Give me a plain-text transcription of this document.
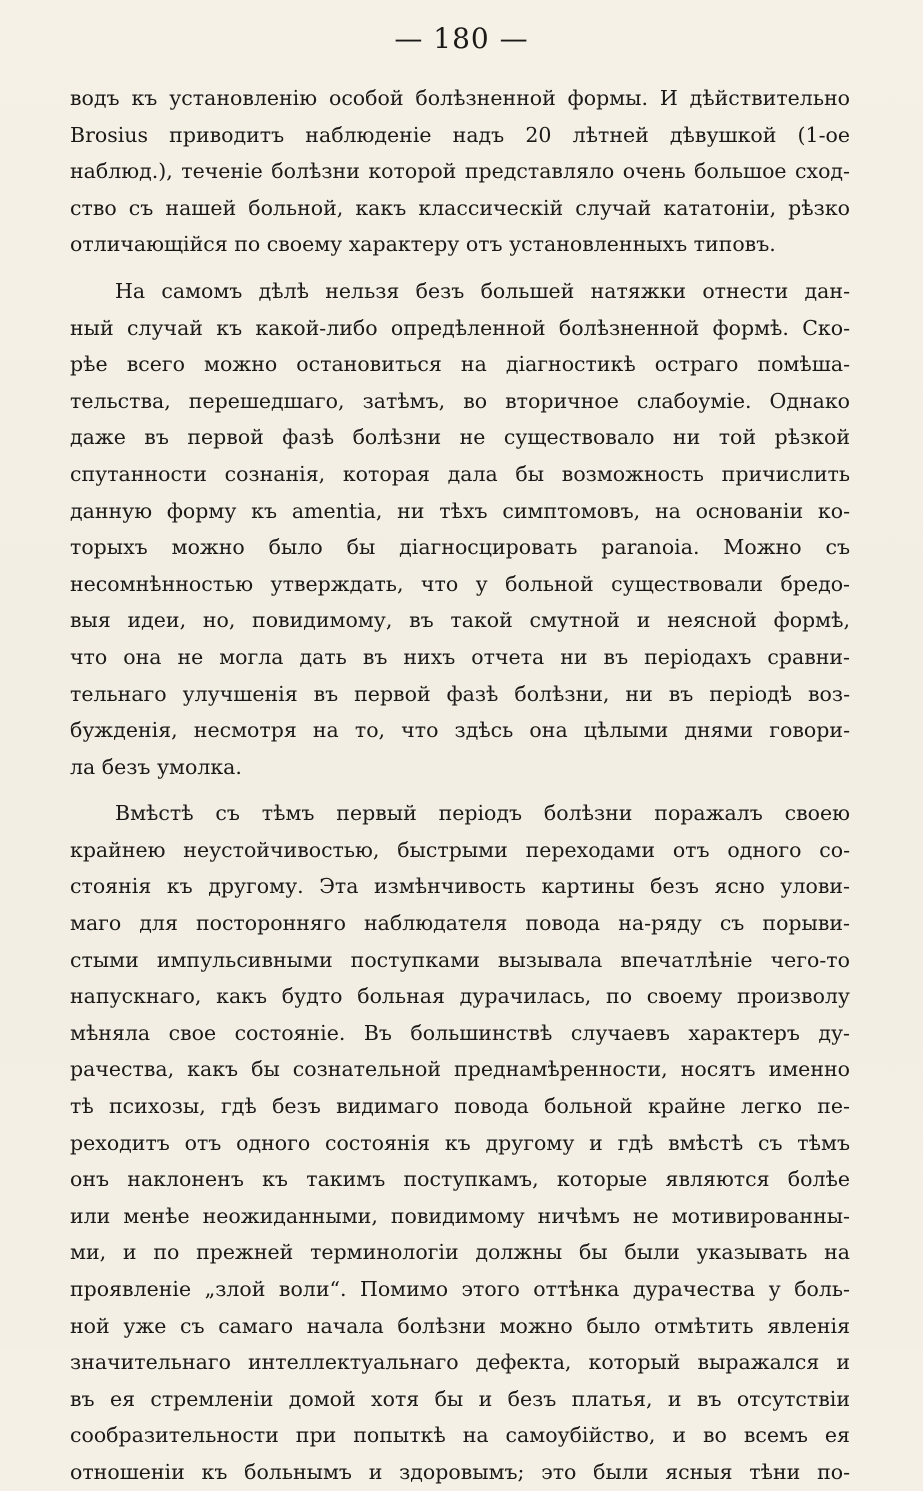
— 180 —
водъ къ установленію особой болѣзненной формы. И дѣйствительно
Brosius приводитъ наблюденіе надъ 20 лѣтней дѣвушкой (1-ое
наблюд.), теченіе болѣзни которой представляло очень большое сход-
ство съ нашей больной, какъ классическій случай кататоніи, рѣзко
отличающійся по своему характеру отъ установленныхъ типовъ.
На самомъ дѣлѣ нельзя безъ большей натяжки отнести дан-
ный случай къ какой-либо опредѣленной болѣзненной формѣ. Ско-
рѣе всего можно остановиться на діагностикѣ остраго помѣша-
тельства, перешедшаго, затѣмъ, во вторичное слабоуміе. Однако
даже въ первой фазѣ болѣзни не существовало ни той рѣзкой
спутанности сознанія, которая дала бы возможность причислить
данную форму къ amentia, ни тѣхъ симптомовъ, на основаніи ко-
торыхъ можно было бы діагносцировать paranoia. Можно съ
несомнѣнностью утверждать, что у больной существовали бредо-
выя идеи, но, повидимому, въ такой смутной и неясной формѣ,
что она не могла дать въ нихъ отчета ни въ періодахъ сравни-
тельнаго улучшенія въ первой фазѣ болѣзни, ни въ періодѣ воз-
бужденія, несмотря на то, что здѣсь она цѣлыми днями говори-
ла безъ умолка.
Вмѣстѣ съ тѣмъ первый періодъ болѣзни поражалъ своею
крайнею неустойчивостью, быстрыми переходами отъ одного со-
стоянія къ другому. Эта измѣнчивость картины безъ ясно улови-
маго для посторонняго наблюдателя повода на-ряду съ порыви-
стыми импульсивными поступками вызывала впечатлѣніе чего-то
напускнаго, какъ будто больная дурачилась, по своему произволу
мѣняла свое состояніе. Въ большинствѣ случаевъ характеръ ду-
рачества, какъ бы сознательной преднамѣренности, носятъ именно
тѣ психозы, гдѣ безъ видимаго повода больной крайне легко пе-
реходитъ отъ одного состоянія къ другому и гдѣ вмѣстѣ съ тѣмъ
онъ наклоненъ къ такимъ поступкамъ, которые являются болѣе
или менѣе неожиданными, повидимому ничѣмъ не мотивированны-
ми, и по прежней терминологіи должны бы были указывать на
проявленіе „злой воли“. Помимо этого оттѣнка дурачества у боль-
ной уже съ самаго начала болѣзни можно было отмѣтить явленія
значительнаго интеллектуальнаго дефекта, который выражался и
въ ея стремленіи домой хотя бы и безъ платья, и въ отсутствіи
сообразительности при попыткѣ на самоубійство, и во всемъ ея
отношеніи къ больнымъ и здоровымъ; это были ясныя тѣни по-
